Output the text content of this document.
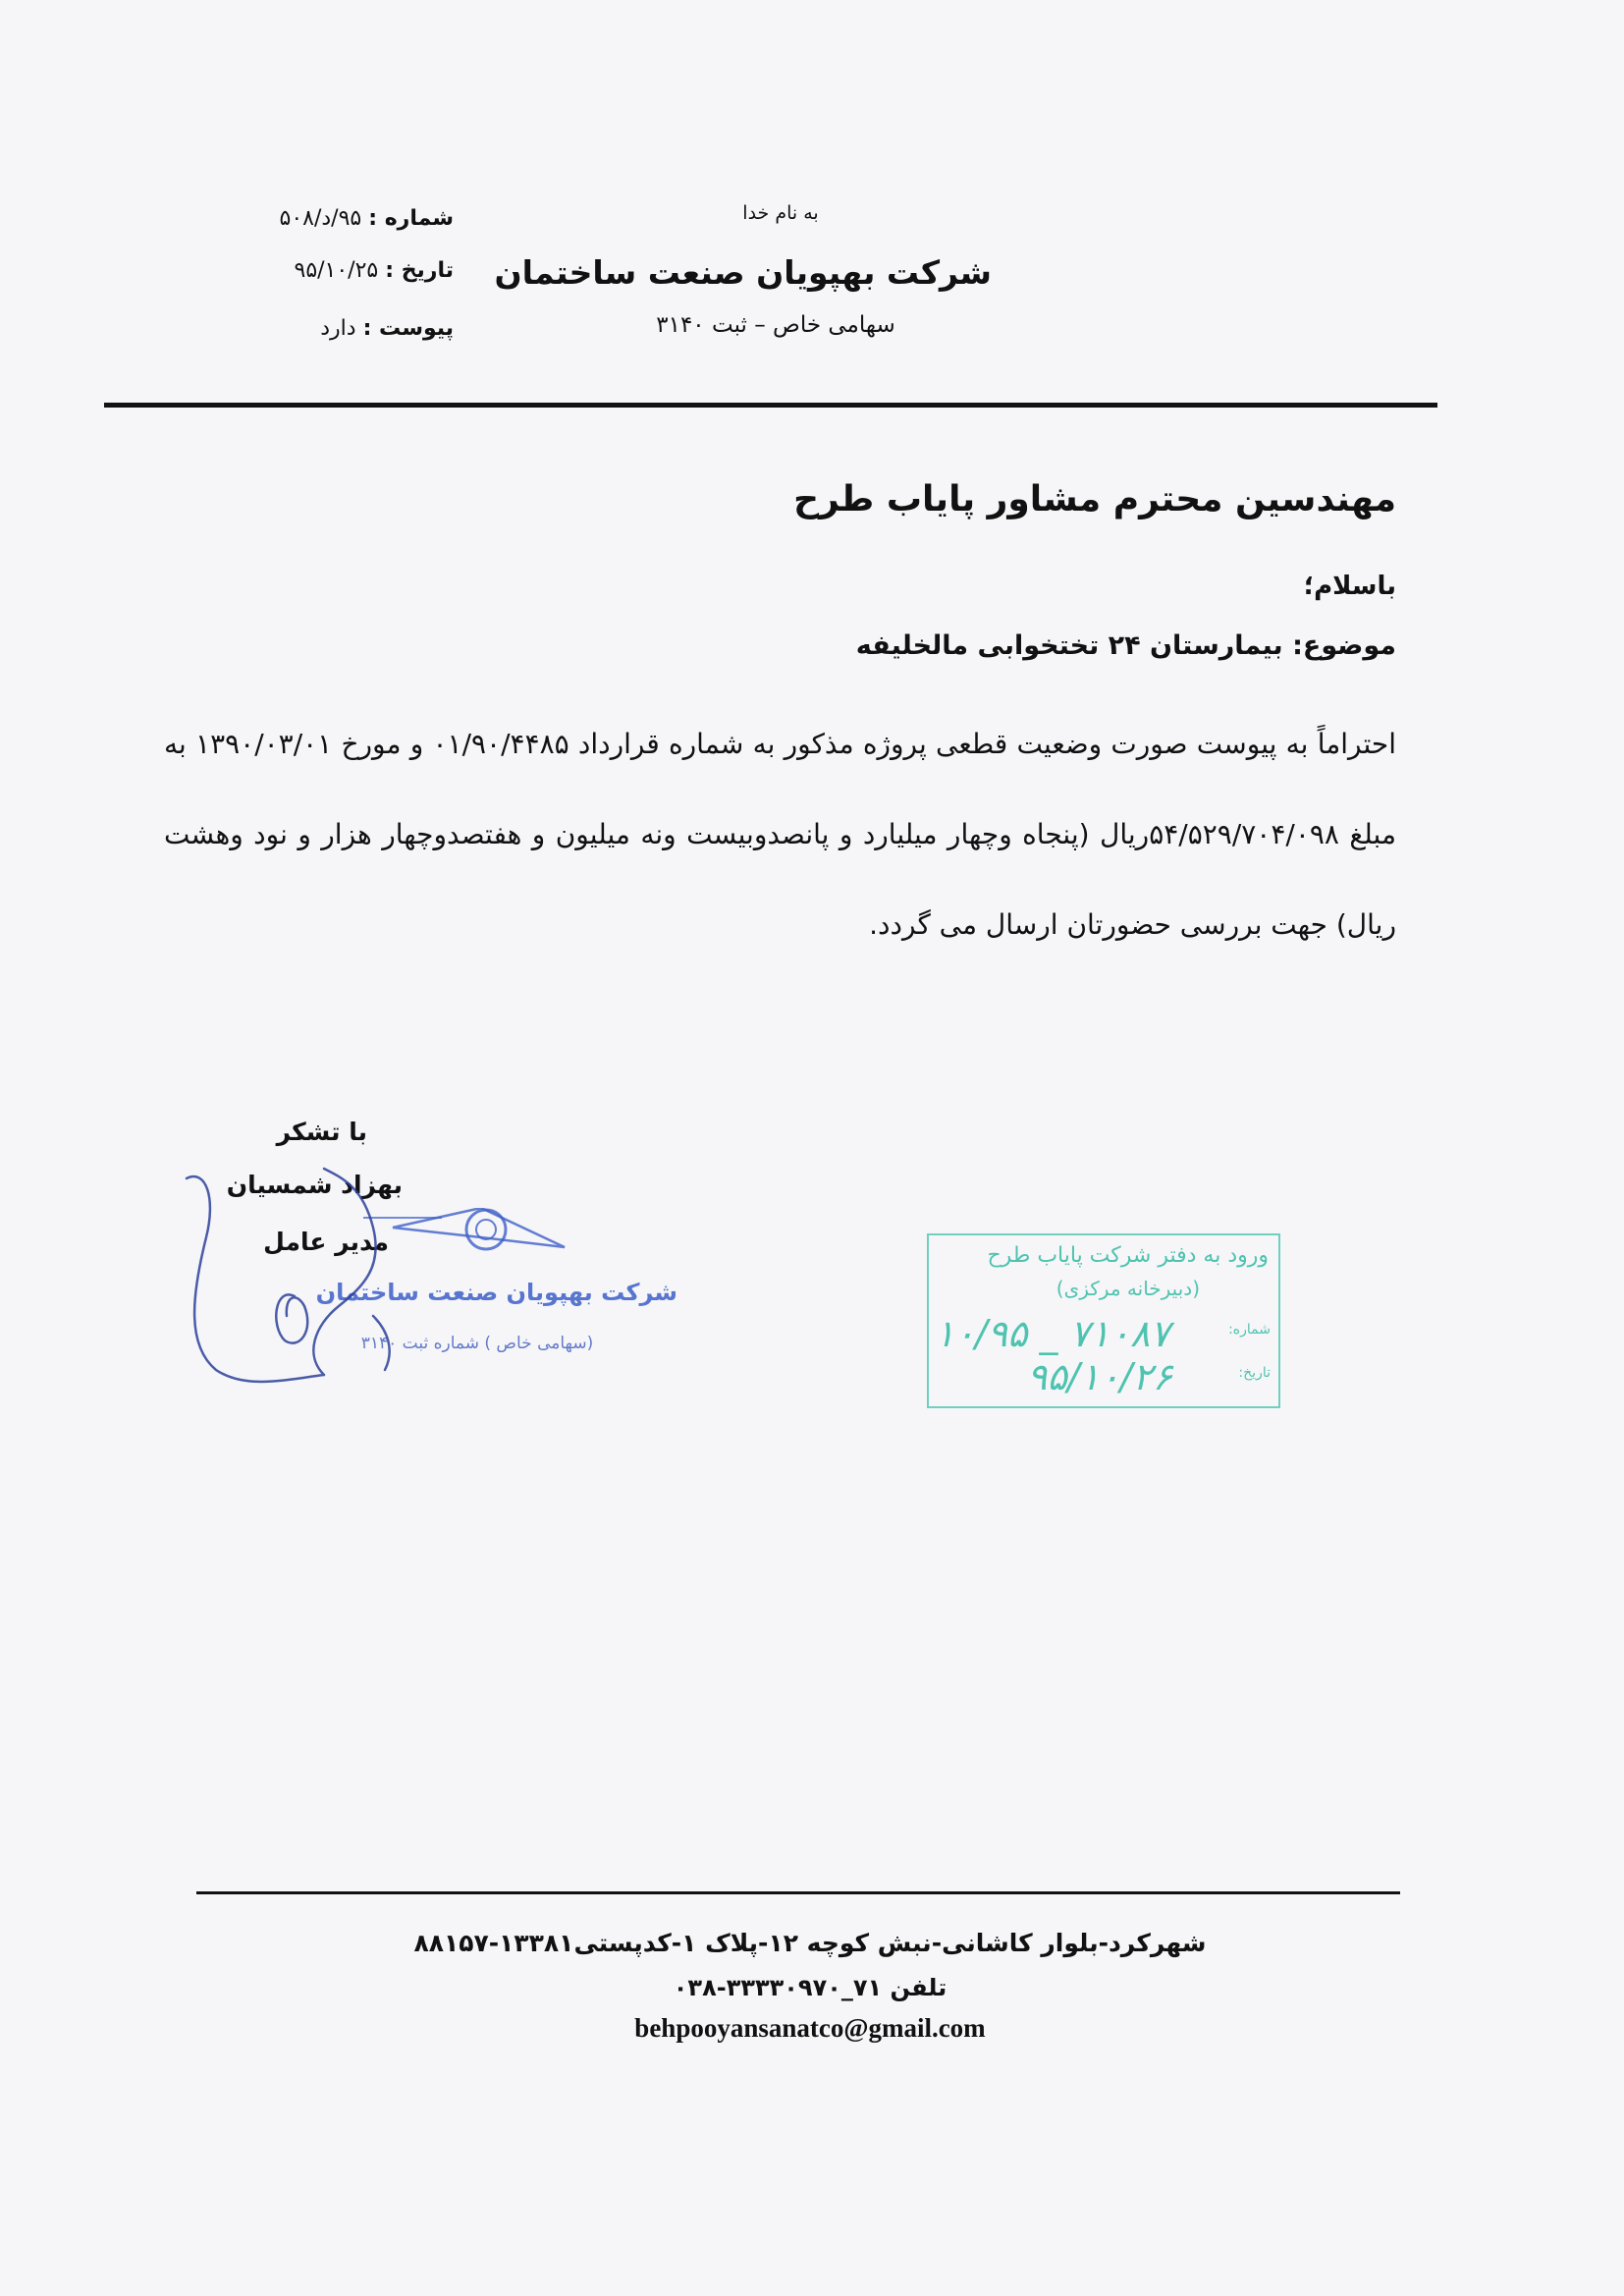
به نام خدا
شرکت بهپویان صنعت ساختمان
سهامی خاص – ثبت ۳۱۴۰
شماره : ۹۵/د/۵۰۸
تاریخ : ۹۵/۱۰/۲۵
پیوست : دارد
مهندسین محترم مشاور پایاب طرح
باسلام؛
موضوع: بیمارستان ۲۴ تختخوابی مالخلیفه
احتراماً به پیوست صورت وضعیت قطعی پروژه مذکور به شماره قرارداد ۰۱/۹۰/۴۴۸۵ و مورخ ۱۳۹۰/۰۳/۰۱ به مبلغ ۵۴/۵۲۹/۷۰۴/۰۹۸ریال (پنجاه وچهار میلیارد و پانصدوبیست ونه میلیون و هفتصدوچهار هزار و نود وهشت ریال) جهت بررسی حضورتان ارسال می گردد.
با تشکر
بهزاد شمسیان
مدیر عامل
شرکت بهپویان صنعت ساختمان
(سهامی خاص ) شماره ثبت ۳۱۴۰
ورود به دفتر شرکت پایاب طرح
(دبیرخانه مرکزی)
شماره:
تاریخ:
۱۰/۹۵ _ ۷۱۰۸۷
۹۵/۱۰/۲۶
شهرکرد-بلوار کاشانی-نبش کوچه ۱۲-پلاک ۱-کدپستی۱۳۳۸۱-۸۸۱۵۷
تلفن ۷۱_۳۳۳۳۰۹۷۰-۰۳۸
behpooyansanatco@gmail.com
